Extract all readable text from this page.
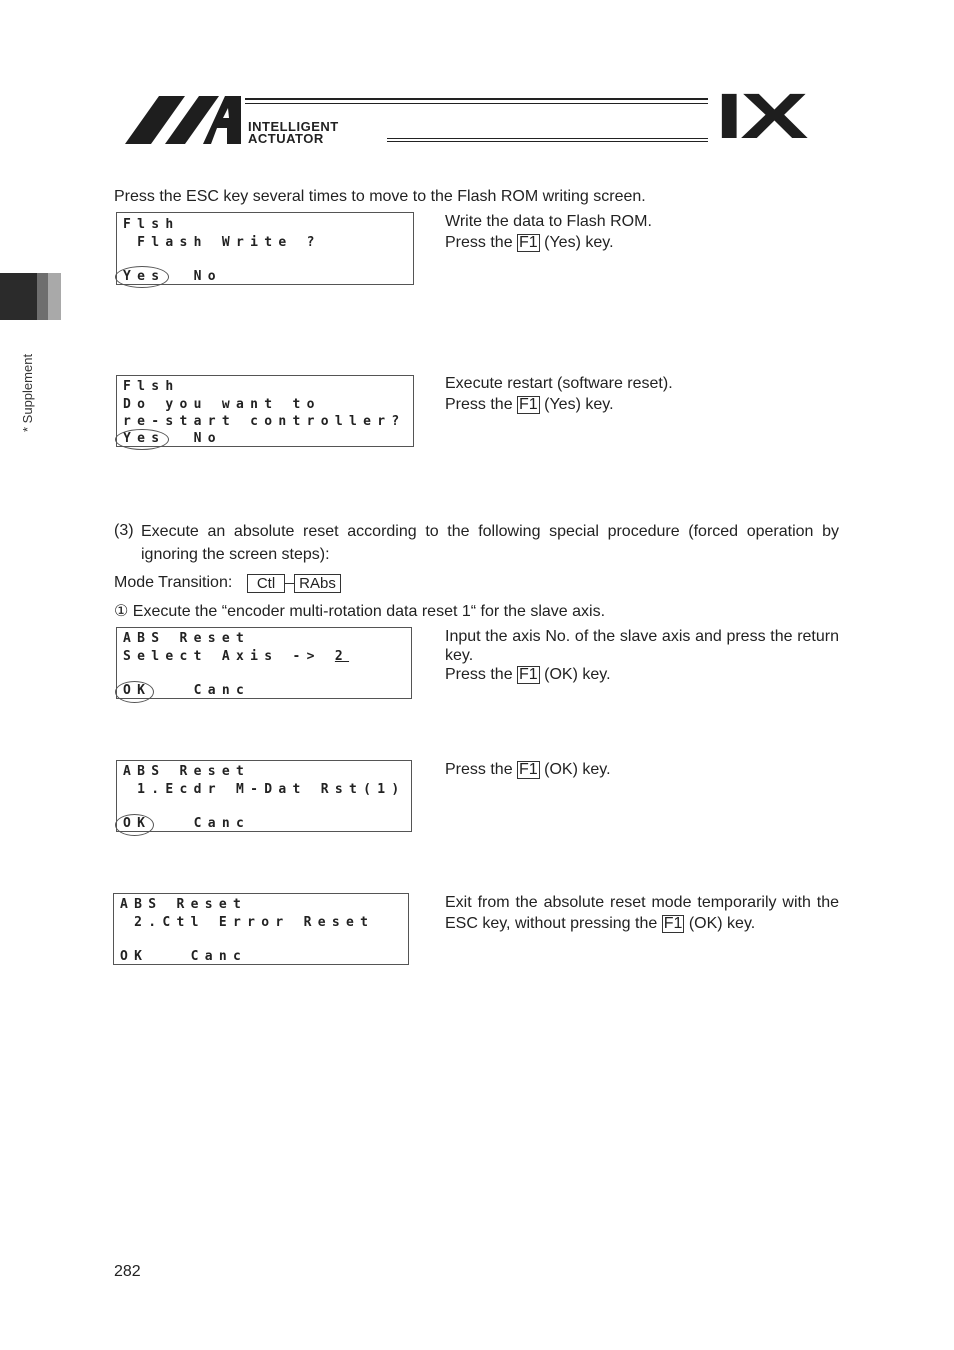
INTELLIGENT
ACTUATOR	IX
* Supplement
Press the ESC key several times to move to the Flash ROM writing screen.
Flsh
Flash Write ?
Yes  No
Write the data to Flash ROM.
Press the F1 (Yes) key.
Flsh
Do you want to
re-start controller?
Yes  No
Execute restart (software reset).
Press the F1 (Yes) key.
(3) Execute an absolute reset according to the following special procedure (forced operation by ignoring the screen steps):
Mode Transition:	Ctl	RAbs
① Execute the “encoder multi-rotation data reset 1“ for the slave axis.
ABS Reset
Select Axis -> 2
OK   Canc
Input the axis No. of the slave axis and press the return key.
Press the F1 (OK) key.
ABS Reset
1.Ecdr M-Dat Rst(1)
OK   Canc
Press the F1 (OK) key.
ABS Reset
2.Ctl Error Reset
OK   Canc
Exit from the absolute reset mode temporarily with the ESC key, without pressing the F1 (OK) key.
282
